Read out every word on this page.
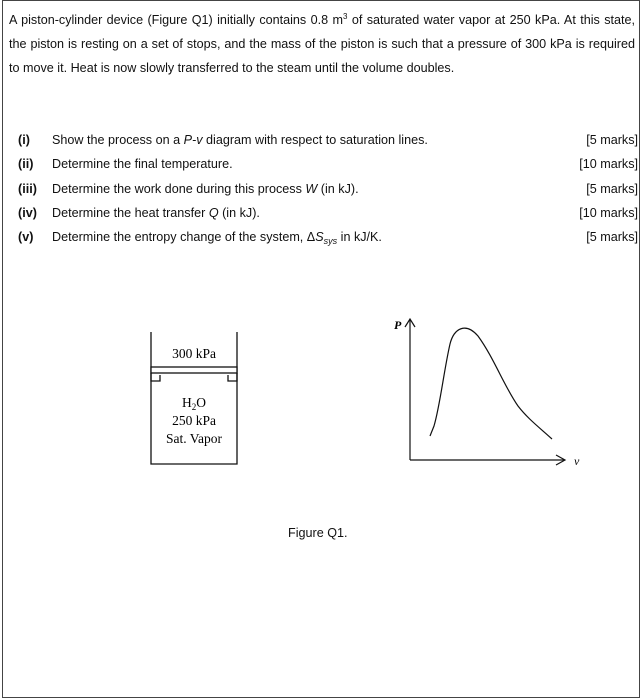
A piston-cylinder device (Figure Q1) initially contains 0.8 $m^3$ of saturated water vapor at 250 kPa. At this state, the piston is resting on a set of stops, and the mass of the piston is such that a pressure of 300 kPa is required to move it. Heat is now slowly transferred to the steam until the volume doubles.
(i) Show the process on a P-v diagram with respect to saturation lines.	[5 marks]
(ii) Determine the final temperature.	[10 marks]
(iii) Determine the work done during this process W (in kJ).	[5 marks]
(iv) Determine the heat transfer Q (in kJ).	[10 marks]
(v) Determine the entropy change of the system, $\Delta S_{sys}$ in kJ/K.	[5 marks]
300 kPa
$H_2O$
250 kPa
Sat. Vapor
P
v
Figure Q1.
